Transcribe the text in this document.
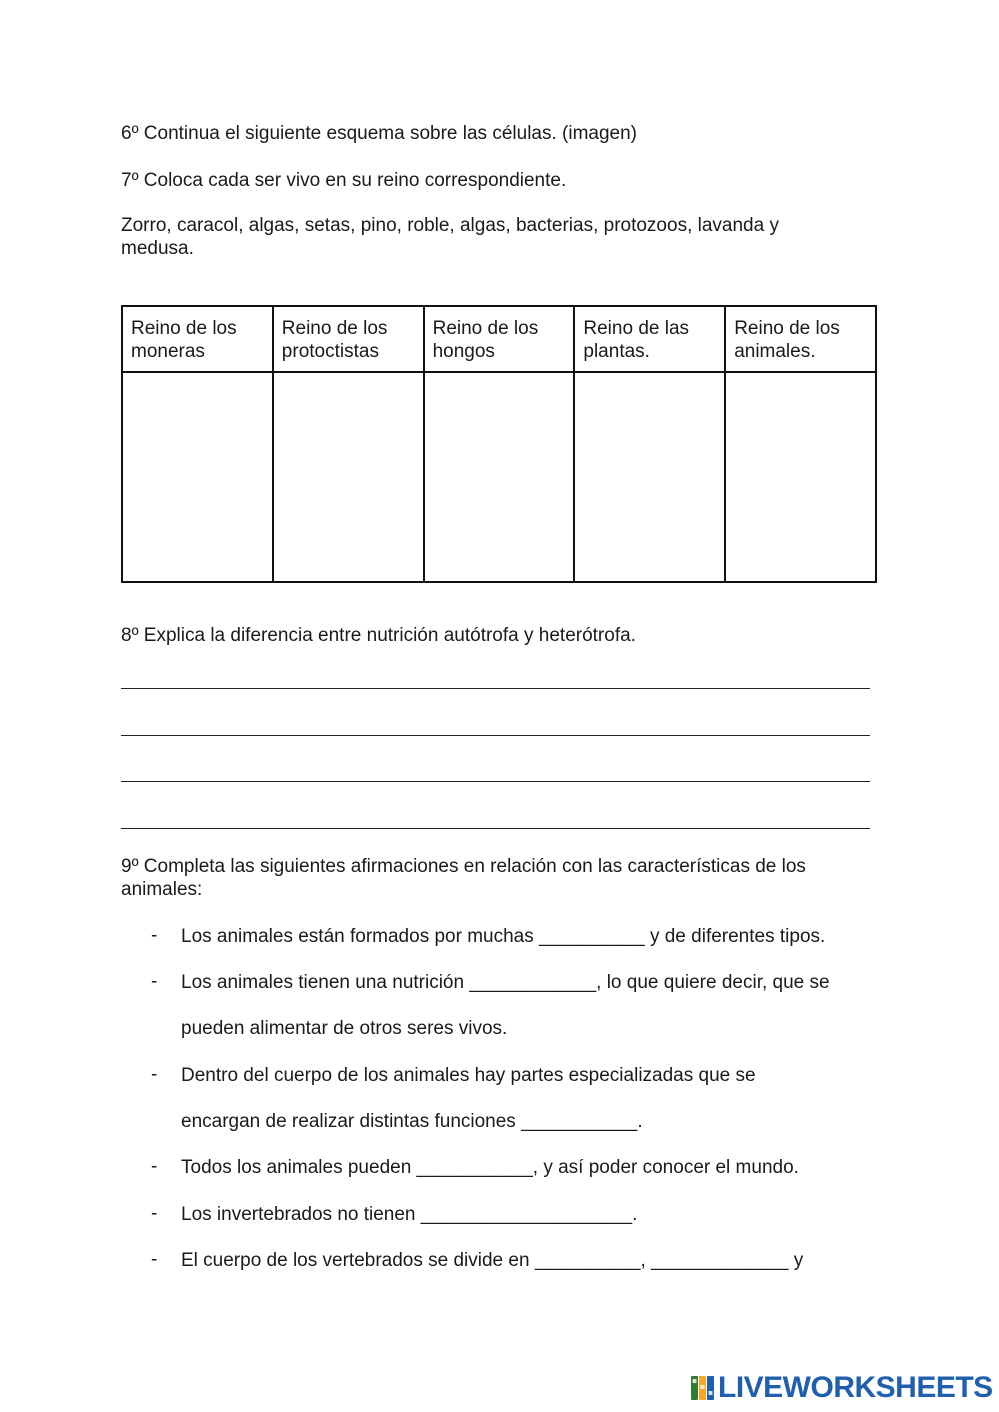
6º Continua el siguiente esquema sobre las células. (imagen)
7º Coloca cada ser vivo en su reino correspondiente.
Zorro, caracol, algas, setas, pino, roble, algas, bacterias, protozoos, lavanda y medusa.
Reino de los moneras	Reino de los protoctistas	Reino de los hongos	Reino de las plantas.	Reino de los animales.

8º Explica la diferencia entre nutrición autótrofa y heterótrofa.
9º Completa las siguientes afirmaciones en relación con las características de los animales:
- Los animales están formados por muchas __________ y de diferentes tipos.
- Los animales tienen una nutrición ____________, lo que quiere decir, que se
pueden alimentar de otros seres vivos.
- Dentro del cuerpo de los animales hay partes especializadas que se
encargan de realizar distintas funciones ___________.
- Todos los animales pueden ___________, y así poder conocer el mundo.
- Los invertebrados no tienen ____________________.
- El cuerpo de los vertebrados se divide en __________, _____________ y
LIVEWORKSHEETS
